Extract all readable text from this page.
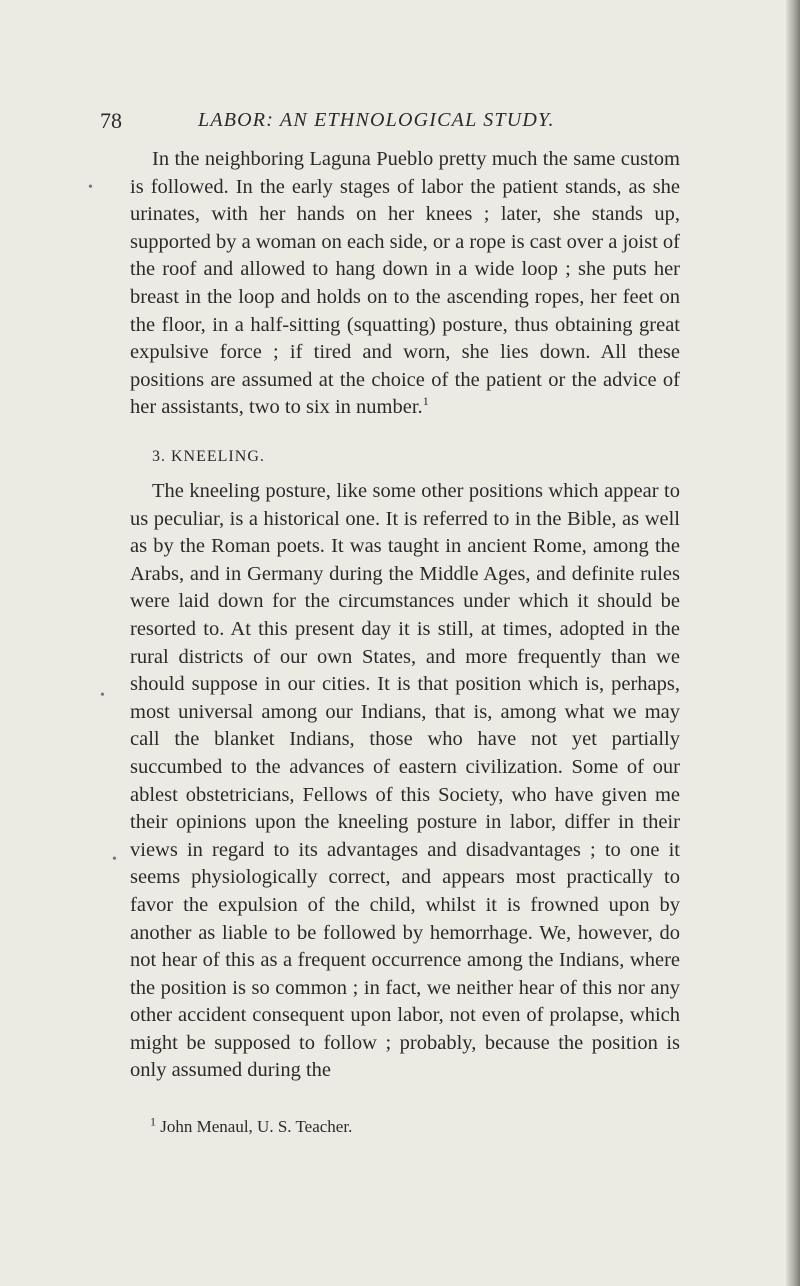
78	LABOR: AN ETHNOLOGICAL STUDY.

In the neighboring Laguna Pueblo pretty much the same custom is followed. In the early stages of labor the patient stands, as she urinates, with her hands on her knees ; later, she stands up, supported by a woman on each side, or a rope is cast over a joist of the roof and allowed to hang down in a wide loop ; she puts her breast in the loop and holds on to the ascending ropes, her feet on the floor, in a half-sitting (squatting) posture, thus obtaining great expulsive force ; if tired and worn, she lies down. All these positions are assumed at the choice of the patient or the advice of her assistants, two to six in number.$^1$

3. KNEELING.

The kneeling posture, like some other positions which appear to us peculiar, is a historical one. It is referred to in the Bible, as well as by the Roman poets. It was taught in ancient Rome, among the Arabs, and in Germany during the Middle Ages, and definite rules were laid down for the circumstances under which it should be resorted to. At this present day it is still, at times, adopted in the rural districts of our own States, and more frequently than we should suppose in our cities. It is that position which is, perhaps, most universal among our Indians, that is, among what we may call the blanket Indians, those who have not yet partially succumbed to the advances of eastern civilization. Some of our ablest obstetricians, Fellows of this Society, who have given me their opinions upon the kneeling posture in labor, differ in their views in regard to its advantages and disadvantages ; to one it seems physiologically correct, and appears most practically to favor the expulsion of the child, whilst it is frowned upon by another as liable to be followed by hemorrhage. We, however, do not hear of this as a frequent occurrence among the Indians, where the position is so common ; in fact, we neither hear of this nor any other accident consequent upon labor, not even of prolapse, which might be supposed to follow ; probably, because the position is only assumed during the

$^1$ John Menaul, U. S. Teacher.
•
•
•
